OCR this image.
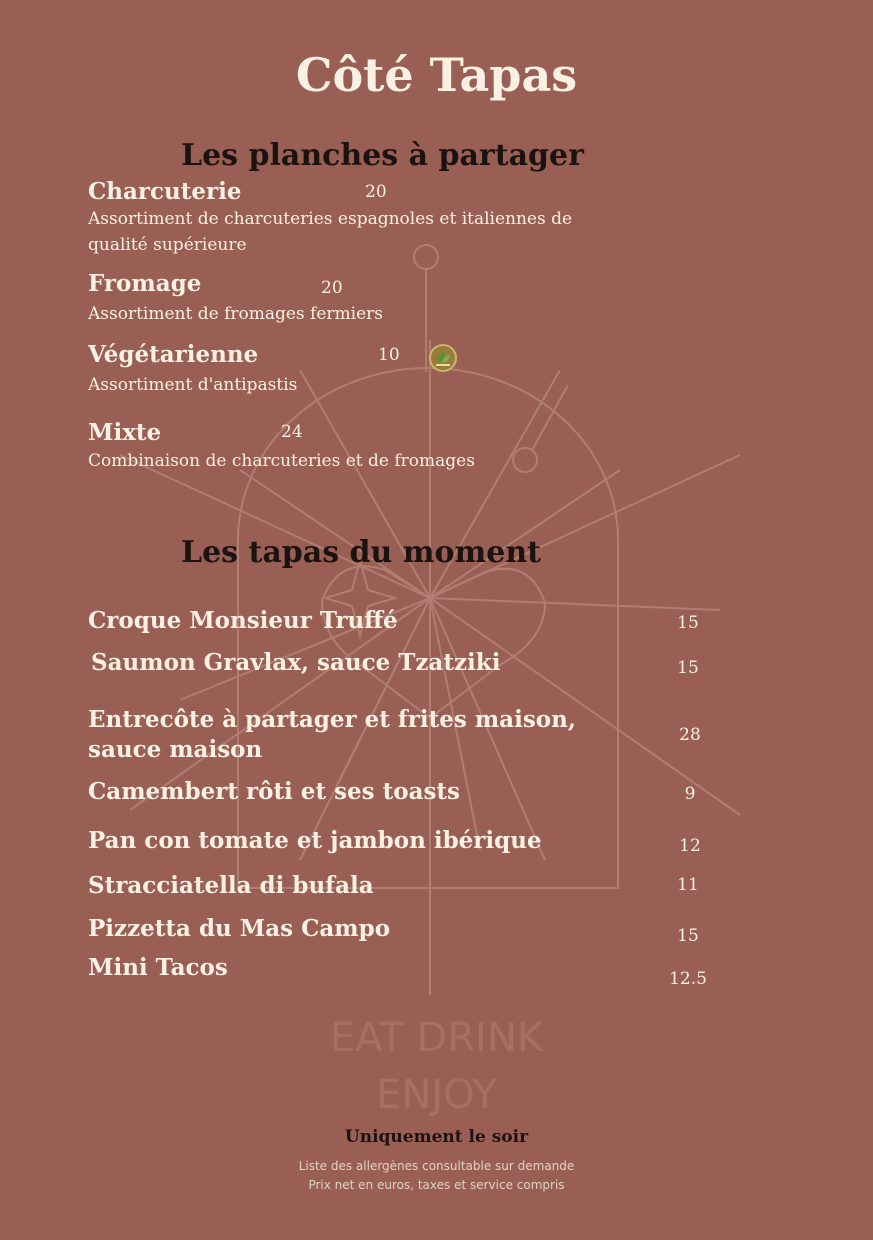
Côté Tapas
Les planches à partager
Charcuterie	20
Assortiment de charcuteries espagnoles et italiennes de qualité supérieure
Fromage	20
Assortiment de fromages fermiers
Végétarienne	10
Assortiment d'antipastis
Mixte	24
Combinaison de charcuteries et de fromages
Les tapas du moment
Croque Monsieur Truffé	15
Saumon Gravlax, sauce Tzatziki	15
Entrecôte à partager et frites maison, sauce maison
28
Camembert rôti et ses toasts	9
Pan con tomate et jambon ibérique	12
Stracciatella di bufala	11
Pizzetta du Mas Campo	15
Mini Tacos	12.5
EAT DRINK
ENJOY
Uniquement le soir
Liste des allergènes consultable sur demande
Prix net en euros, taxes et service compris
